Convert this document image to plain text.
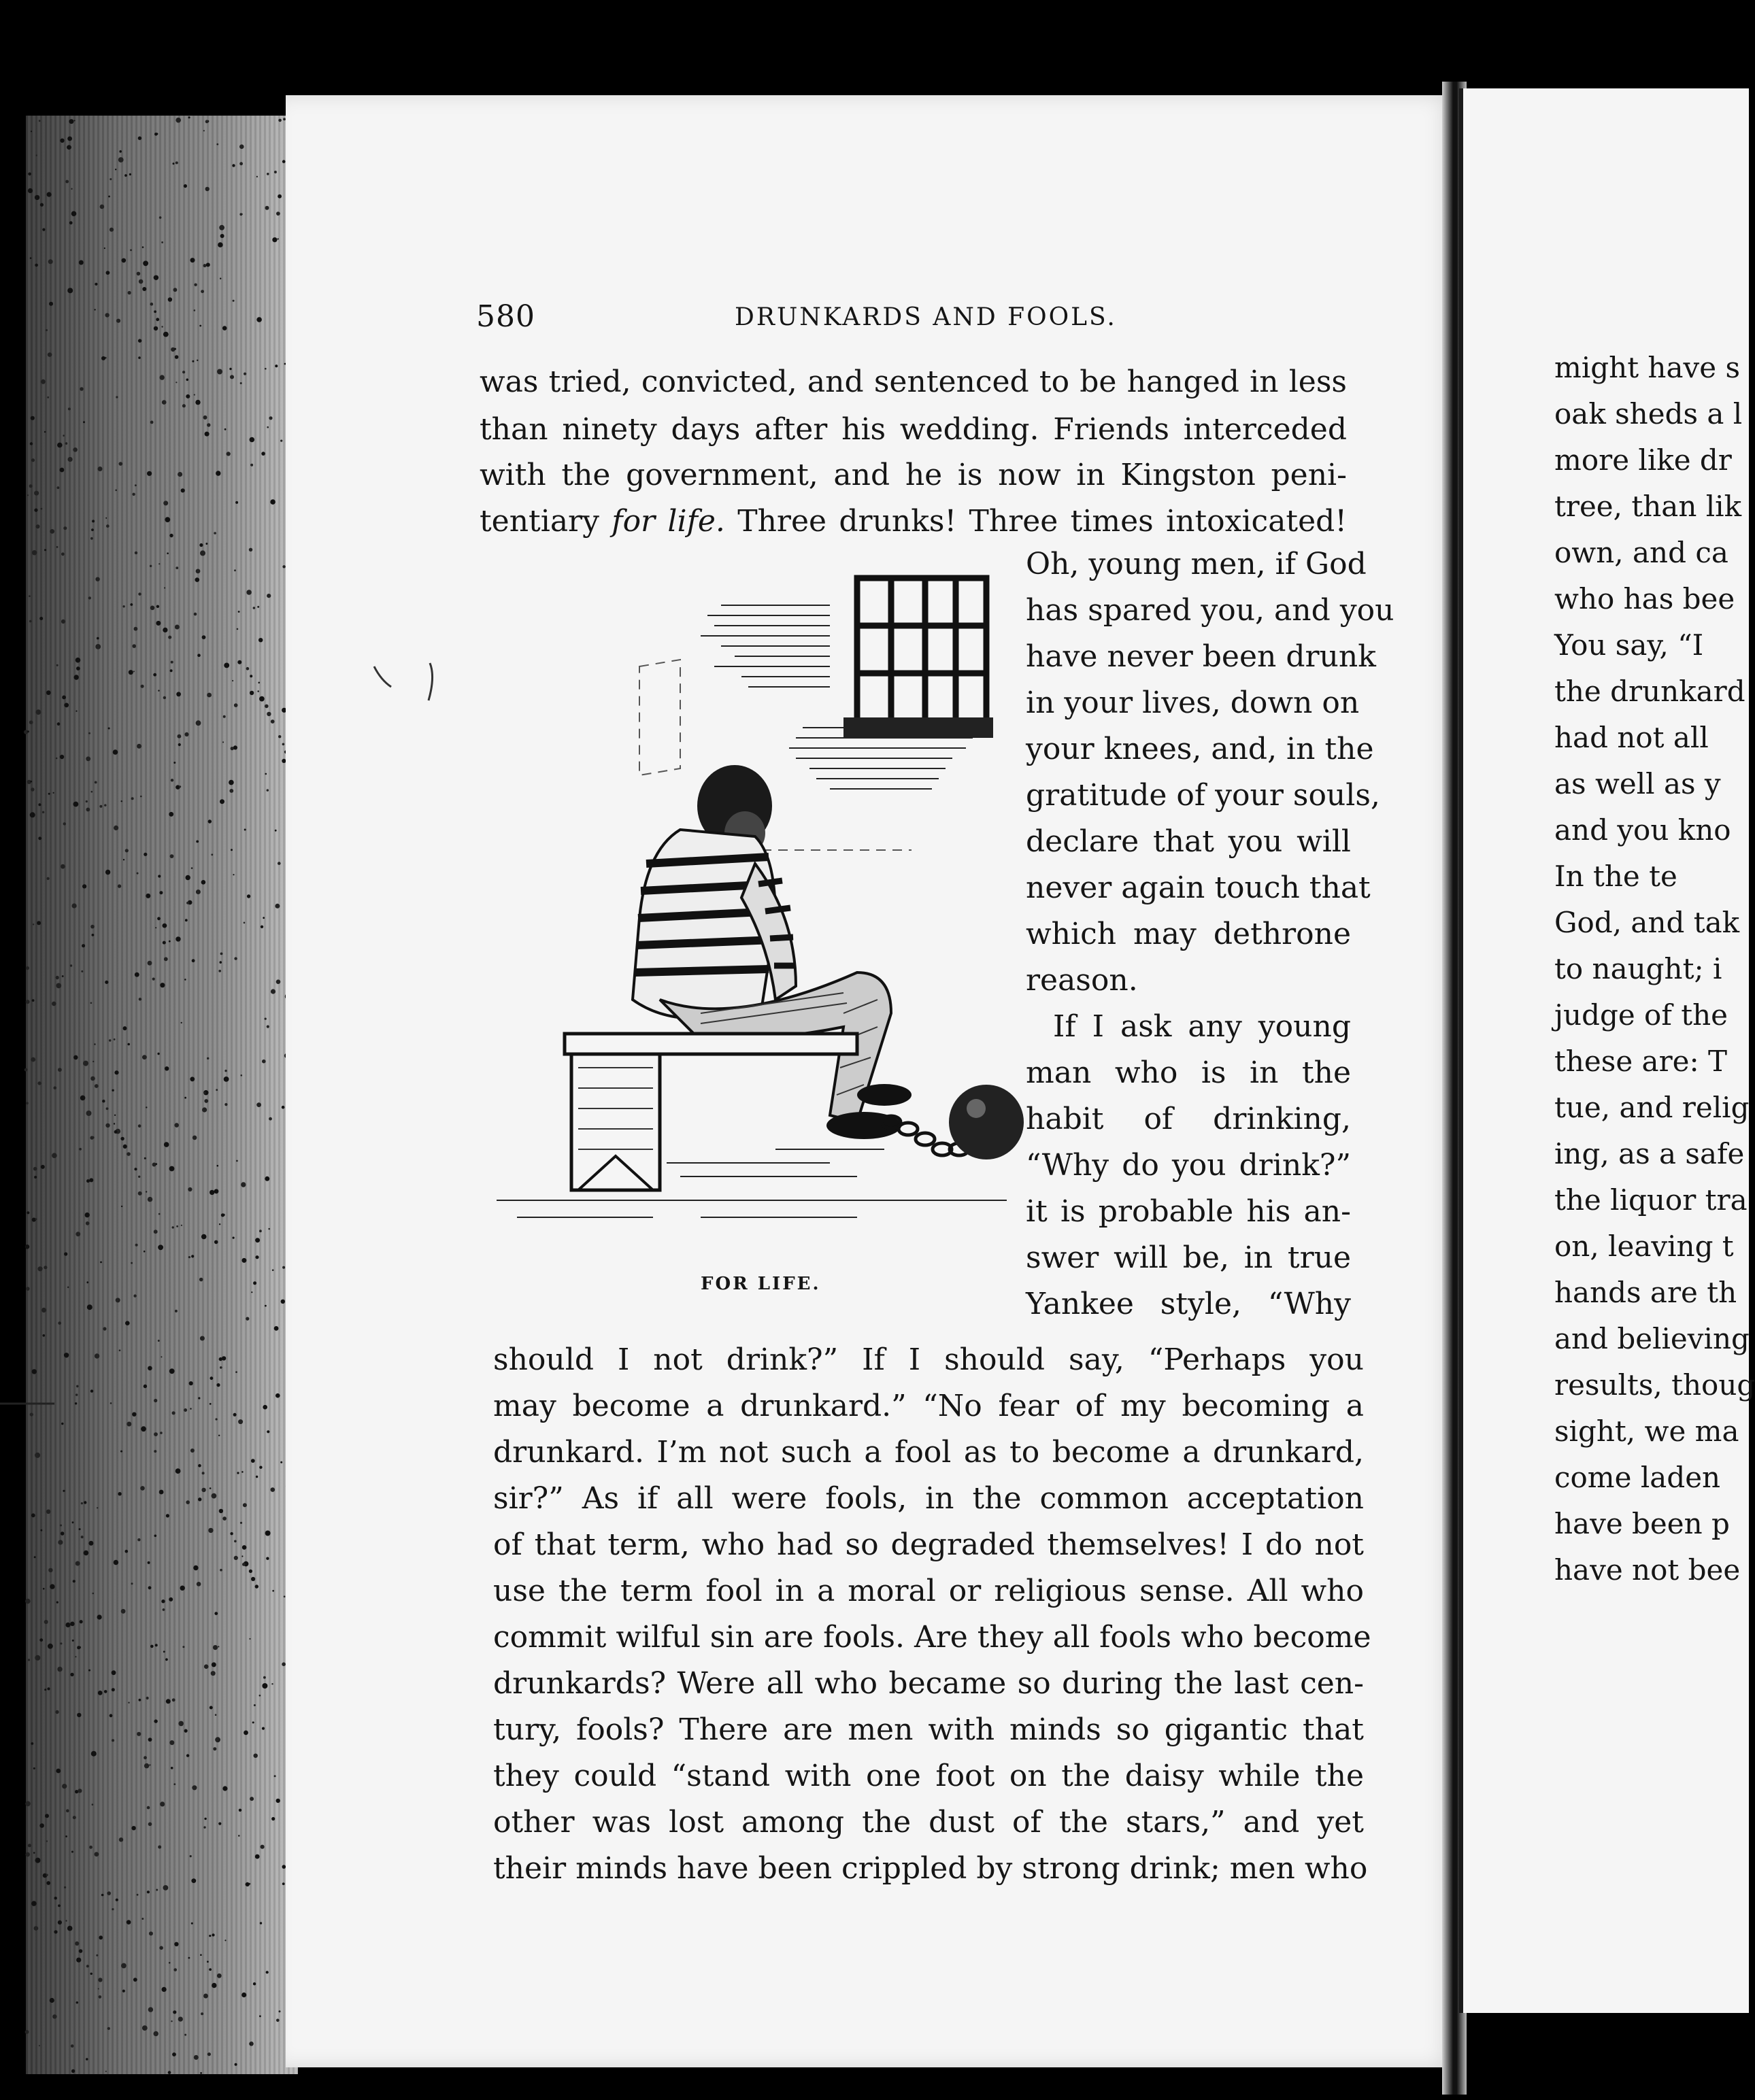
580	DRUNKARDS AND FOOLS.
was tried, convicted, and sentenced to be hanged in less
than ninety days after his wedding. Friends interceded
with the government, and he is now in Kingston peni-
tentiary for life. Three drunks! Three times intoxicated!
Oh, young men, if God
has spared you, and you
have never been drunk
in your lives, down on
your knees, and, in the
gratitude of your souls,
declare that you will
never again touch that
which may dethrone
reason.
If I ask any young
man who is in the
habit of drinking,
“Why do you drink?”
it is probable his an-
swer will be, in true
Yankee style, “Why
FOR LIFE.
should I not drink?” If I should say, “Perhaps you
may become a drunkard.” “No fear of my becoming a
drunkard. I’m not such a fool as to become a drunkard,
sir?” As if all were fools, in the common acceptation
of that term, who had so degraded themselves! I do not
use the term fool in a moral or religious sense. All who
commit wilful sin are fools. Are they all fools who become
drunkards? Were all who became so during the last cen-
tury, fools? There are men with minds so gigantic that
they could “stand with one foot on the daisy while the
other was lost among the dust of the stars,” and yet
their minds have been crippled by strong drink; men who
might have s
oak sheds a l
more like dr
tree, than lik
own, and ca
who has bee
You say, “I
the drunkard
had not all
as well as y
and you kno
In the te
God, and tak
to naught; i
judge of the
these are: T
tue, and relig
ing, as a safe
the liquor tra
on, leaving t
hands are th
and believing
results, thoug
sight, we ma
come laden
have been p
have not bee
